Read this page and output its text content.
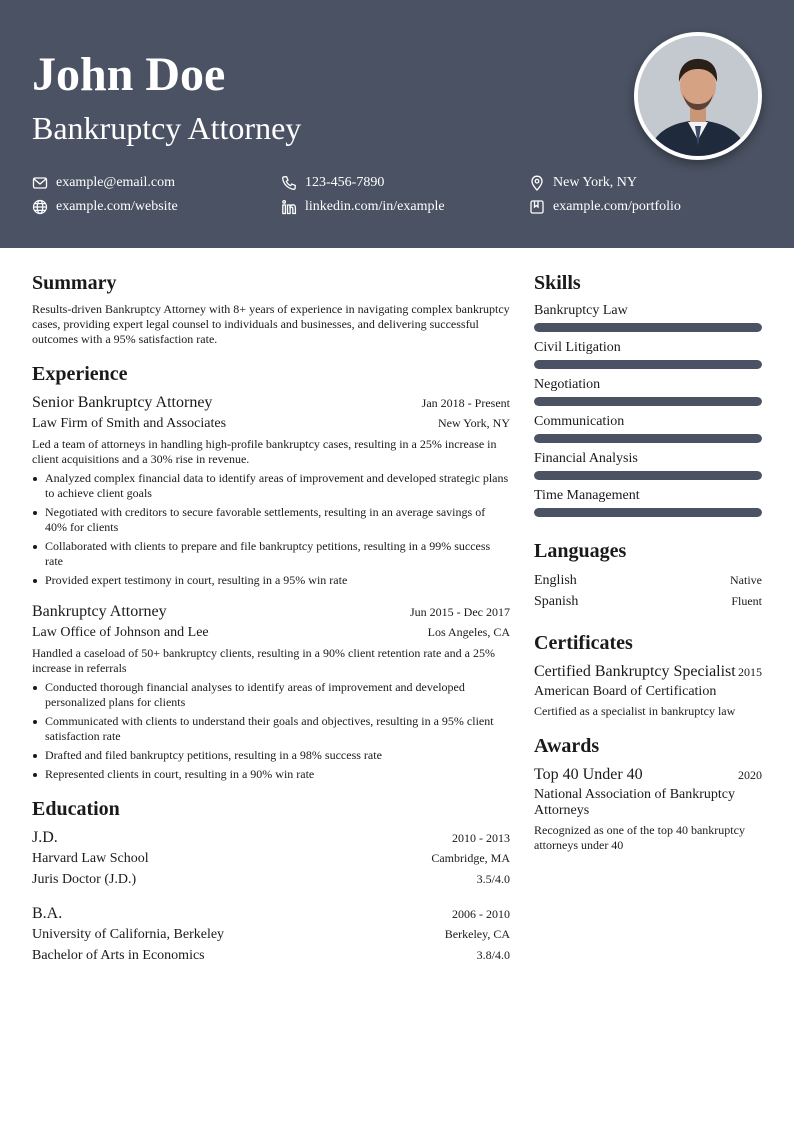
John Doe
Bankruptcy Attorney
example@email.com	123-456-7890	New York, NY
example.com/website	linkedin.com/in/example	example.com/portfolio
Summary

Results-driven Bankruptcy Attorney with 8+ years of experience in navigating complex bankruptcy cases, providing expert legal counsel to individuals and businesses, and delivering successful outcomes with a 95% satisfaction rate.

Experience
Senior Bankruptcy Attorney	Jan 2018 - Present
Law Firm of Smith and Associates	New York, NY

Led a team of attorneys in handling high-profile bankruptcy cases, resulting in a 25% increase in client acquisitions and a 30% rise in revenue.

Analyzed complex financial data to identify areas of improvement and developed strategic plans to achieve client goals
Negotiated with creditors to secure favorable settlements, resulting in an average savings of 40% for clients
Collaborated with clients to prepare and file bankruptcy petitions, resulting in a 99% success rate
Provided expert testimony in court, resulting in a 95% win rate
Bankruptcy Attorney	Jun 2015 - Dec 2017
Law Office of Johnson and Lee	Los Angeles, CA

Handled a caseload of 50+ bankruptcy clients, resulting in a 90% client retention rate and a 25% increase in referrals

Conducted thorough financial analyses to identify areas of improvement and developed personalized plans for clients
Communicated with clients to understand their goals and objectives, resulting in a 95% client satisfaction rate
Drafted and filed bankruptcy petitions, resulting in a 98% success rate
Represented clients in court, resulting in a 90% win rate
Education
J.D.	2010 - 2013
Harvard Law School	Cambridge, MA
Juris Doctor (J.D.)	3.5/4.0
B.A.	2006 - 2010
University of California, Berkeley	Berkeley, CA
Bachelor of Arts in Economics	3.8/4.0
Skills
Bankruptcy Law
Civil Litigation
Negotiation
Communication
Financial Analysis
Time Management
Languages
English	Native
Spanish	Fluent
Certificates
Certified Bankruptcy Specialist 2015
American Board of Certification

Certified as a specialist in bankruptcy law

Awards
Top 40 Under 40	2020
National Association of Bankruptcy Attorneys

Recognized as one of the top 40 bankruptcy attorneys under 40
